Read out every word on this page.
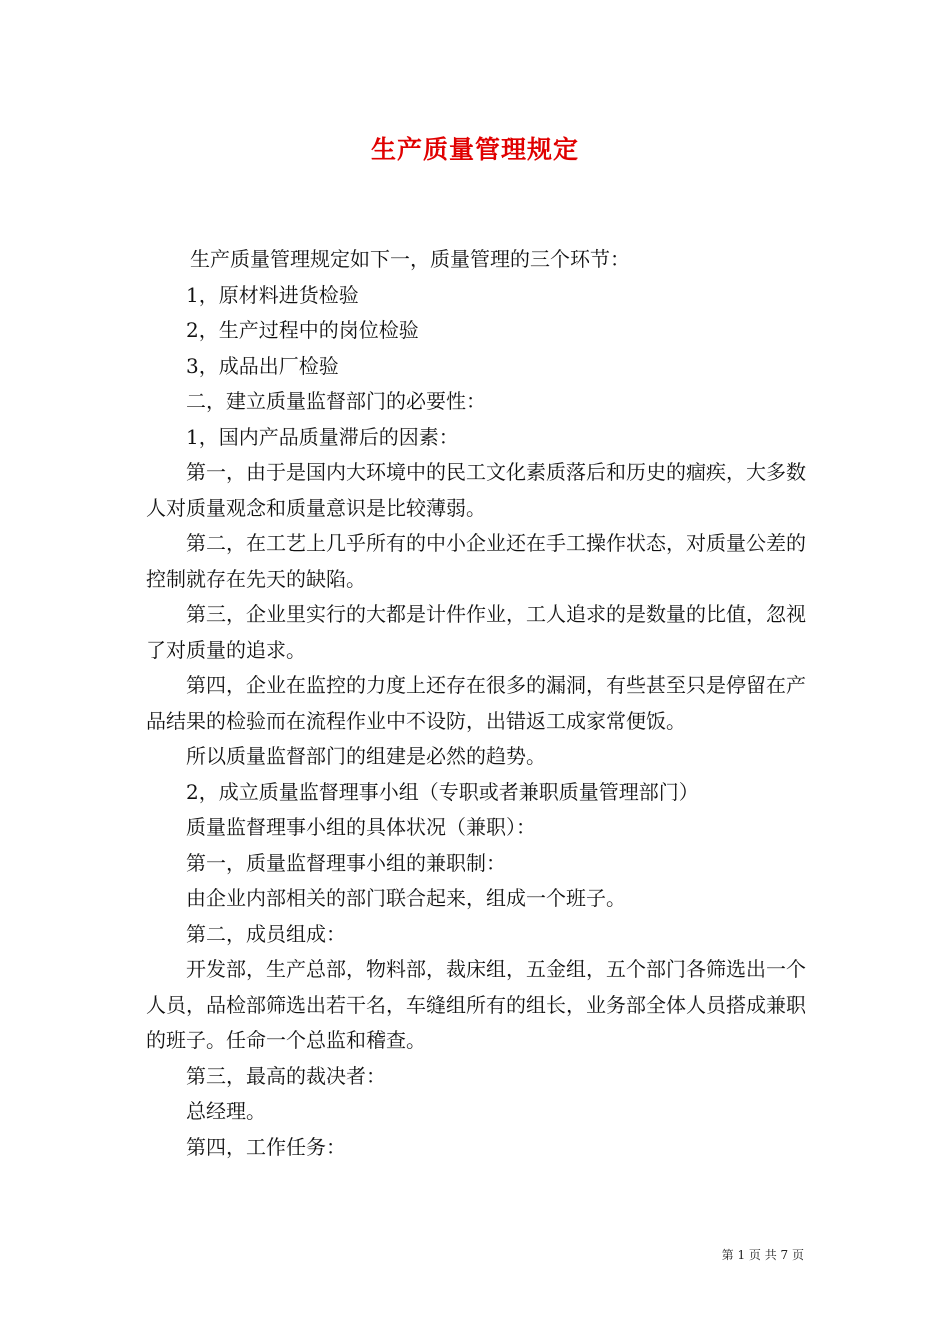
生产质量管理规定

生产质量管理规定如下一，质量管理的三个环节：

1，原材料进货检验

2，生产过程中的岗位检验

3，成品出厂检验

二，建立质量监督部门的必要性：

1，国内产品质量滞后的因素：

第一，由于是国内大环境中的民工文化素质落后和历史的痼疾，大多数人对质量观念和质量意识是比较薄弱。

第二，在工艺上几乎所有的中小企业还在手工操作状态，对质量公差的控制就存在先天的缺陷。

第三，企业里实行的大都是计件作业，工人追求的是数量的比值，忽视了对质量的追求。

第四，企业在监控的力度上还存在很多的漏洞，有些甚至只是停留在产品结果的检验而在流程作业中不设防，出错返工成家常便饭。

所以质量监督部门的组建是必然的趋势。

2，成立质量监督理事小组（专职或者兼职质量管理部门）

质量监督理事小组的具体状况（兼职）：

第一，质量监督理事小组的兼职制：

由企业内部相关的部门联合起来，组成一个班子。

第二，成员组成：

开发部，生产总部，物料部，裁床组，五金组，五个部门各筛选出一个人员，品检部筛选出若干名，车缝组所有的组长，业务部全体人员搭成兼职的班子。任命一个总监和稽查。

第三，最高的裁决者：

总经理。

第四，工作任务：

第 1 页 共 7 页
